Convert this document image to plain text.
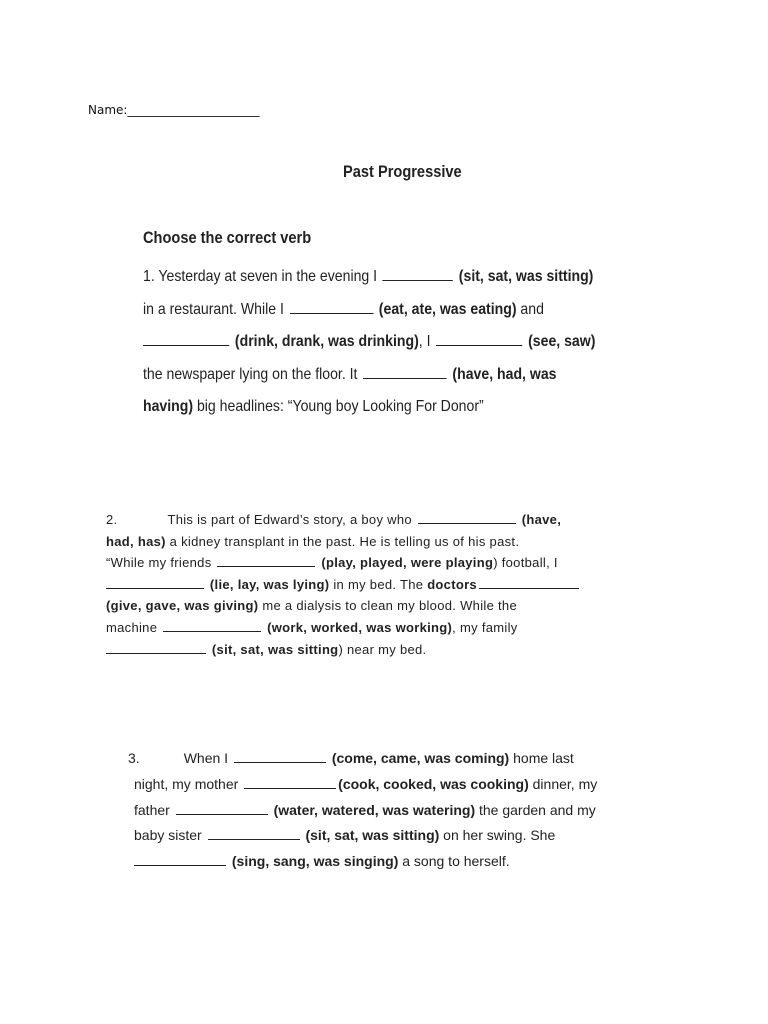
Name:______________________
Past Progressive
Choose the correct verb
1. Yesterday at seven in the evening I	(sit, sat, was sitting)
in a restaurant. While I	(eat, ate, was eating) and
(drink, drank, was drinking), I	(see, saw)
the newspaper lying on the floor. It	(have, had, was
having) big headlines: “Young boy Looking For Donor”
2.	This is part of Edward’s story, a boy who	(have,
had, has) a kidney transplant in the past. He is telling us of his past.
“While my friends	(play, played, were playing) football, I
(lie, lay, was lying) in my bed. The doctors
(give, gave, was giving) me a dialysis to clean my blood. While the
machine	(work, worked, was working), my family
(sit, sat, was sitting) near my bed.
3.	When I	(come, came, was coming) home last
night, my mother	(cook, cooked, was cooking) dinner, my
father	(water, watered, was watering) the garden and my
baby sister	(sit, sat, was sitting) on her swing. She
(sing, sang, was singing) a song to herself.
